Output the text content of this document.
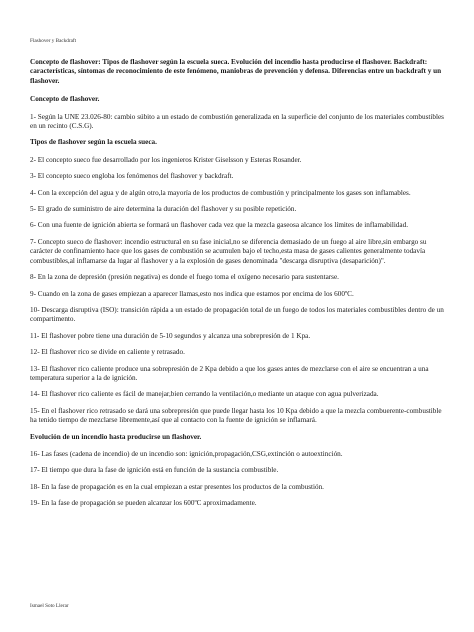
Flashover y Backdraft
Concepto de flashover: Tipos de flashover según la escuela sueca. Evolución del incendio hasta producirse el flashover. Backdraft: características, síntomas de reconocimiento de este fenómeno, maniobras de prevención y defensa. Diferencias entre un backdraft y un flashover.
Concepto de flashover.
1- Según la UNE 23.026-80: cambio súbito a un estado de combustión generalizada en la superficie del conjunto de los materiales combustibles en un recinto (C.S.G).
Tipos de flashover según la escuela sueca.
2- El concepto sueco fue desarrollado por los ingenieros Krister Giselsson y Esteras Rosander.
3- El concepto sueco engloba los fenómenos del flashover y backdraft.
4- Con la excepción del agua y de algún otro,la mayoría de los productos de combustión y principalmente los gases son inflamables.
5- El grado de suministro de aire determina la duración del flashover y su posible repetición.
6- Con una fuente de ignición abierta se formará un flashover cada vez que la mezcla gaseosa alcance los límites de inflamabilidad.
7- Concepto sueco de flashover: incendio estructural en su fase inicial,no se diferencia demasiado de un fuego al aire libre,sin embargo su carácter de confinamiento hace que los gases de combustión se acumulen bajo el techo,esta masa de gases calientes generalmente todavía combustibles,al inflamarse da lugar al flashover y a la explosión de gases denominada "descarga disruptiva (desaparición)".
8- En la zona de depresión (presión negativa) es donde el fuego toma el oxígeno necesario para sustentarse.
9- Cuando en la zona de gases empiezan a aparecer llamas,esto nos indica que estamos por encima de los 600ºC.
10- Descarga disruptiva (ISO): transición rápida a un estado de propagación total de un fuego de todos los materiales combustibles dentro de un compartimento.
11- El flashover pobre tiene una duración de 5-10 segundos y alcanza una sobrepresión de 1 Kpa.
12- El flashover rico se divide en caliente y retrasado.
13- El flashover rico caliente produce una sobrepresión de 2 Kpa debido a que los gases antes de mezclarse con el aire se encuentran a una temperatura superior a la de ignición.
14- El flashover rico caliente es fácil de manejar,bien cerrando la ventilación,o mediante un ataque con agua pulverizada.
15- En el flashover rico retrasado se dará una sobrepresión que puede llegar hasta los 10 Kpa debido a que la mezcla combuerente-combustible ha tenido tiempo de mezclarse libremente,así que al contacto con la fuente de ignición se inflamará.
Evolución de un incendio hasta producirse un flashover.
16- Las fases (cadena de incendio) de un incendio son: ignición,propagación,CSG,extinción o autoextinción.
17- El tiempo que dura la fase de ignición está en función de la sustancia combustible.
18- En la fase de propagación es en la cual empiezan a estar presentes los productos de la combustión.
19- En la fase de propagación se pueden alcanzar los 600ºC aproximadamente.
Ismael Soto Llerar
